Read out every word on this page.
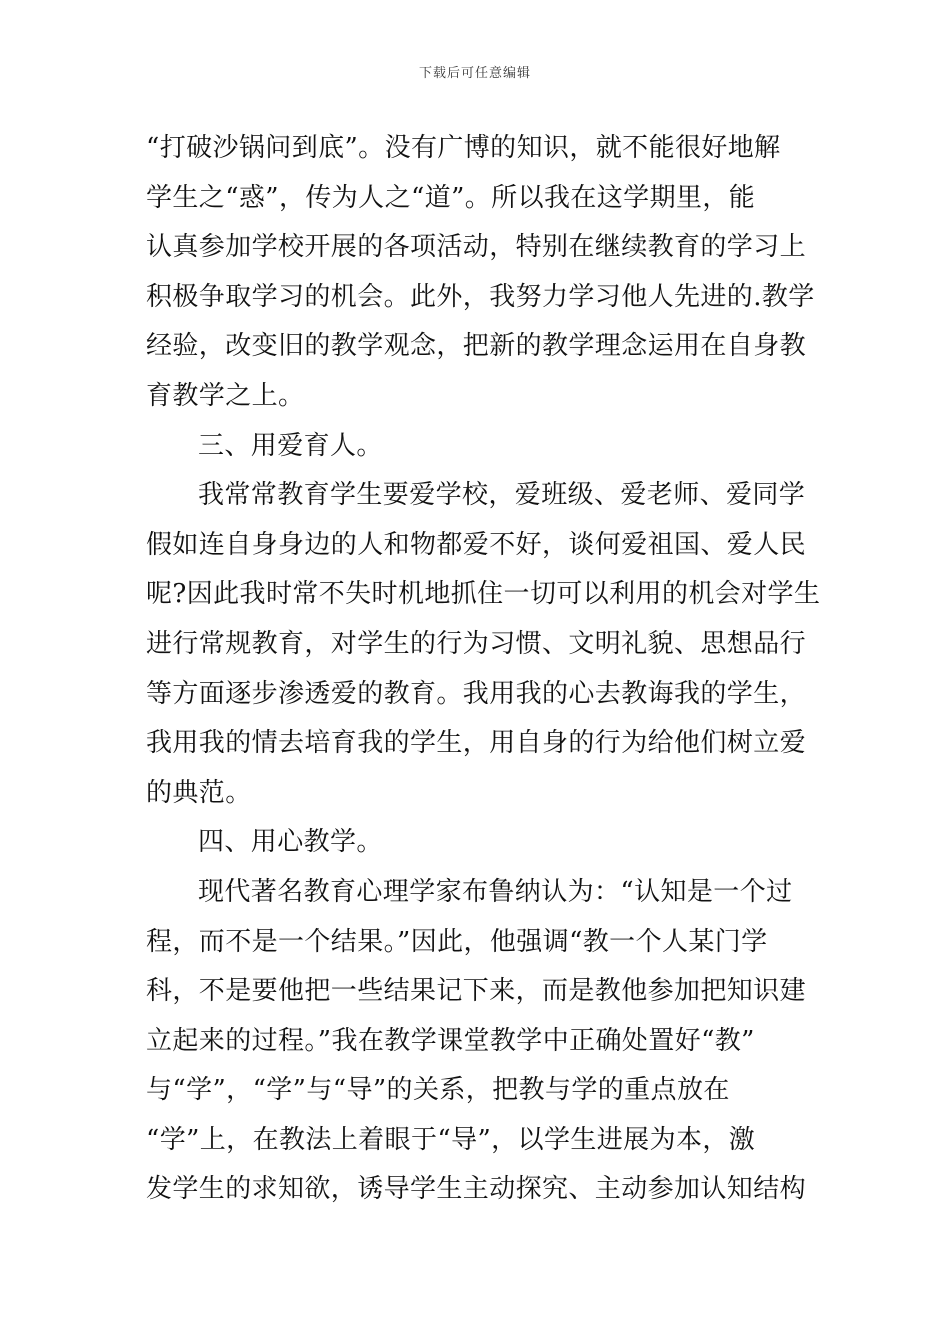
下载后可任意编辑
“打破沙锅问到底”。没有广博的知识，就不能很好地解
学生之“惑”，传为人之“道”。所以我在这学期里，能
认真参加学校开展的各项活动，特别在继续教育的学习上
积极争取学习的机会。此外，我努力学习他人先进的.教学
经验，改变旧的教学观念，把新的教学理念运用在自身教
育教学之上。
三、用爱育人。
我常常教育学生要爱学校，爱班级、爱老师、爱同学
假如连自身身边的人和物都爱不好，谈何爱祖国、爱人民
呢?因此我时常不失时机地抓住一切可以利用的机会对学生
进行常规教育，对学生的行为习惯、文明礼貌、思想品行
等方面逐步渗透爱的教育。我用我的心去教诲我的学生，
我用我的情去培育我的学生，用自身的行为给他们树立爱
的典范。
四、用心教学。
现代著名教育心理学家布鲁纳认为：“认知是一个过
程，而不是一个结果。”因此，他强调“教一个人某门学
科，不是要他把一些结果记下来，而是教他参加把知识建
立起来的过程。”我在教学课堂教学中正确处置好“教”
与“学”，“学”与“导”的关系，把教与学的重点放在
“学”上，在教法上着眼于“导”，以学生进展为本，激
发学生的求知欲，诱导学生主动探究、主动参加认知结构
